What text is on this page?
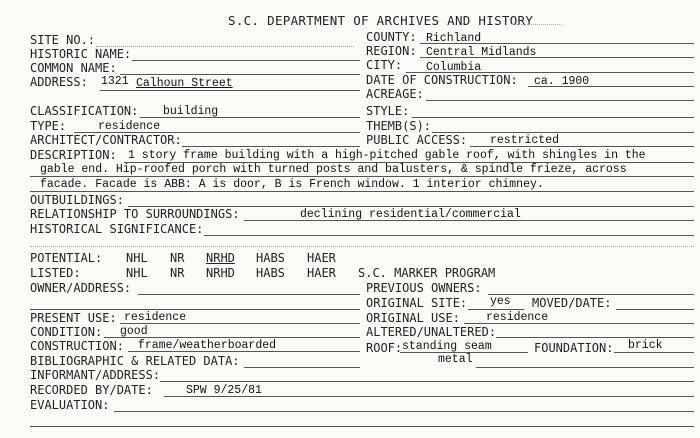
S.C. DEPARTMENT OF ARCHIVES AND HISTORY
SITE NO.:
HISTORIC NAME:
COMMON NAME:
ADDRESS: 1321 Calhoun Street
COUNTY: Richland
REGION: Central Midlands
CITY: Columbia
DATE OF CONSTRUCTION: ca. 1900
ACREAGE:
CLASSIFICATION: building	STYLE:
TYPE:	residence	THEMB(S):
ARCHITECT/CONTRACTOR:	PUBLIC ACCESS: restricted
DESCRIPTION: 1 story frame building with a high-pitched gable roof, with shingles in the
gable end. Hip-roofed porch with turned posts and balusters, & spindle frieze, across
facade. Facade is ABB: A is door, B is French window. 1 interior chimney.
OUTBUILDINGS:
RELATIONSHIP TO SURROUNDINGS:	declining residential/commercial
HISTORICAL SIGNIFICANCE:
POTENTIAL: NHL NR NRHD HABS HAER
LISTED:	NHL NR NRHD HABS HAER S.C. MARKER PROGRAM
OWNER/ADDRESS:	PREVIOUS OWNERS:
ORIGINAL SITE: yes MOVED/DATE:
PRESENT USE: residence	ORIGINAL USE: residence
CONDITION: good	ALTERED/UNALTERED:
CONSTRUCTION: frame/weatherboarded	ROOF: standing seam
metal
FOUNDATION: brick
BIBLIOGRAPHIC & RELATED DATA:
INFORMANT/ADDRESS:
RECORDED BY/DATE:	SPW 9/25/81
EVALUATION:
